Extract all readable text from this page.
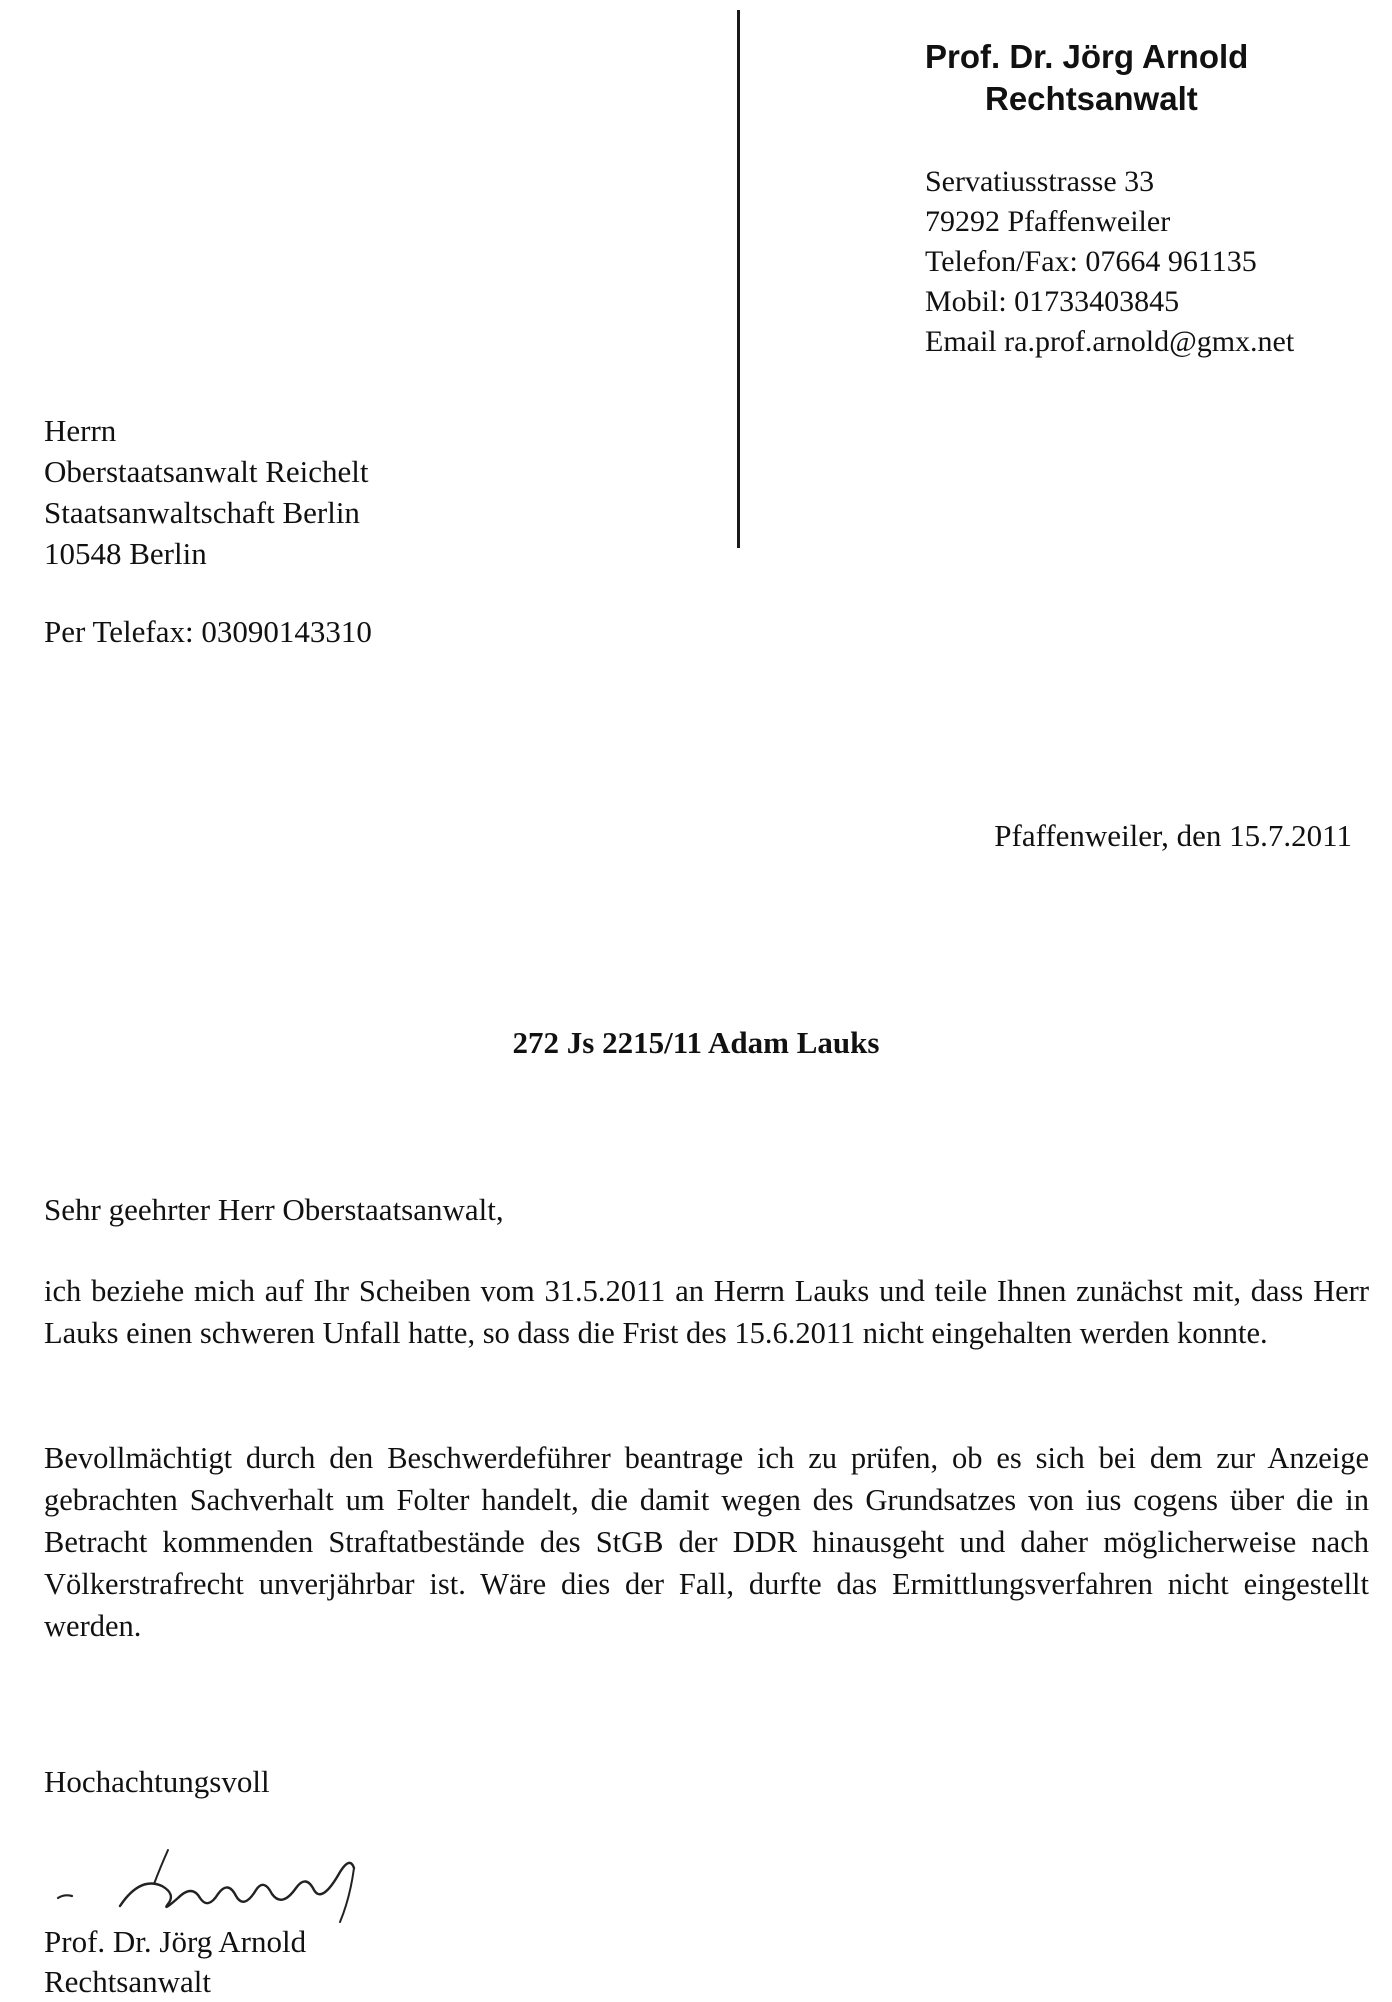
Prof. Dr. Jörg Arnold
Rechtsanwalt
Servatiusstrasse 33
79292 Pfaffenweiler
Telefon/Fax: 07664 961135
Mobil: 01733403845
Email ra.prof.arnold@gmx.net
Herrn
Oberstaatsanwalt Reichelt
Staatsanwaltschaft Berlin
10548 Berlin
Per Telefax: 03090143310
Pfaffenweiler, den 15.7.2011
272 Js 2215/11 Adam Lauks
Sehr geehrter Herr Oberstaatsanwalt,

ich beziehe mich auf Ihr Scheiben vom 31.5.2011 an Herrn Lauks und teile Ihnen zunächst mit, dass Herr Lauks einen schweren Unfall hatte, so dass die Frist des 15.6.2011 nicht eingehalten werden konnte.

Bevollmächtigt durch den Beschwerdeführer beantrage ich zu prüfen, ob es sich bei dem zur Anzeige gebrachten Sachverhalt um Folter handelt, die damit wegen des Grundsatzes von ius cogens über die in Betracht kommenden Straftatbestände des StGB der DDR hinausgeht und daher möglicherweise nach Völkerstrafrecht unverjährbar ist. Wäre dies der Fall, durfte das Ermittlungsverfahren nicht eingestellt werden.

Hochachtungsvoll
Prof. Dr. Jörg Arnold
Rechtsanwalt
